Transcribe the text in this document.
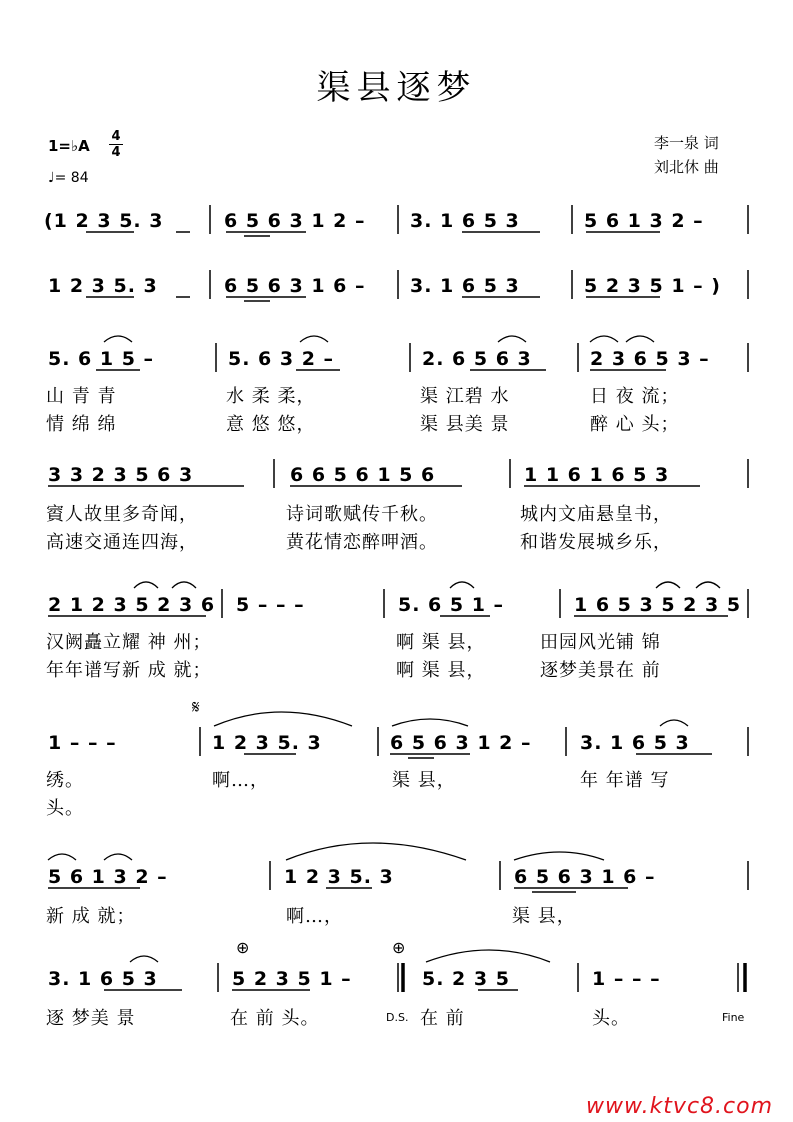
渠县逐梦
李一泉 词
刘北休 曲
1=♭A
4
4
♩= 84
(1 2 3 5. 3	6 5 6 3 1 2 – 3. 1 6 5 3	5 6 1 3 2 –
1 2 3 5. 3	6 5 6 3 1 6 – 3. 1 6 5 3	5 2 3 5 1 – )
5. 6 1 5 –	5. 6 3 2 –	2. 6 5 6 3	2 3 6 5 3 –
山 青 青	水 柔 柔，	渠 江碧 水	日 夜 流；
情 绵 绵	意 悠 悠，	渠 县美 景	醉 心 头；
3 3 2 3 5 6 3	6 6 5 6 1 5 6	1 1 6 1 6 5 3
賨人故里多奇闻，	诗词歌赋传千秋。	城内文庙悬皇书，
高速交通连四海，	黄花情恋醉呷酒。	和谐发展城乡乐，
2 1 2 3 5 2 3 6 5 – – –	5. 6 5 1 –	1 6 5 3 5 2 3 5
汉阙矗立耀 神 州；	啊 渠 县，	田园风光铺 锦
年年谱写新 成 就；	啊 渠 县，	逐梦美景在 前
𝄋
1 – – –	1 2 3 5. 3	6 5 6 3 1 2 –	3. 1 6 5 3
绣。	啊…，	渠 县，	年 年谱 写
头。
5 6 1 3 2 –	1 2 3 5. 3	6 5 6 3 1 6 –
新 成 就；	啊…，	渠 县，
⊕	⊕
3. 1 6 5 3	5 2 3 5 1 –	5. 2 3 5	1 – – –
逐 梦美 景	在 前 头。	D.S. 在 前	头。	Fine
www.ktvc8.com
